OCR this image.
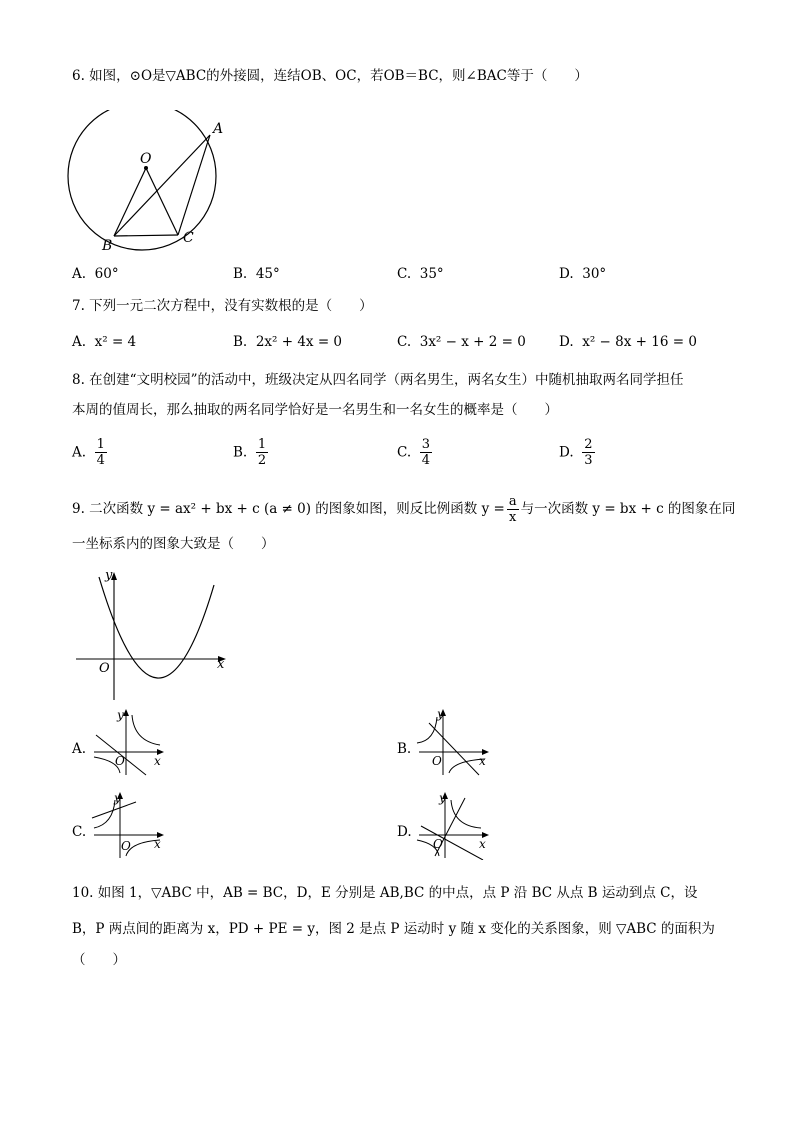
6. 如图，⊙O是▽ABC的外接圆，连结OB、OC，若OB＝BC，则∠BAC等于（　　）
O
A
B	C
A. 60°	B. 45°	C. 35°	D. 30°
7. 下列一元二次方程中，没有实数根的是（　　）
A. x² = 4	B. 2x² + 4x = 0	C. 3x² − x + 2 = 0 D. x² − 8x + 16 = 0
8. 在创建“文明校园”的活动中，班级决定从四名同学（两名男生，两名女生）中随机抽取两名同学担任
本周的值周长，那么抽取的两名同学恰好是一名男生和一名女生的概率是（　　）
A. $\frac{1}{4}$	B. $\frac{1}{2}$	C. $\frac{3}{4}$	D. $\frac{2}{3}$
9. 二次函数 y = ax² + bx + c (a ≠ 0) 的图象如图，则反比例函数 $y = \frac{a}{x}$ 与一次函数 y = bx + c 的图象在同
一坐标系内的图象大致是（　　）
y
x
O
A.
y
x
O
B.
y
x
O
C.
y
x
O
D.
y
x
O
10. 如图 1，▽ABC 中，AB = BC，D，E 分别是 AB,BC 的中点，点 P 沿 BC 从点 B 运动到点 C，设
B，P 两点间的距离为 x，PD + PE = y，图 2 是点 P 运动时 y 随 x 变化的关系图象，则 ▽ABC 的面积为
（　　）
